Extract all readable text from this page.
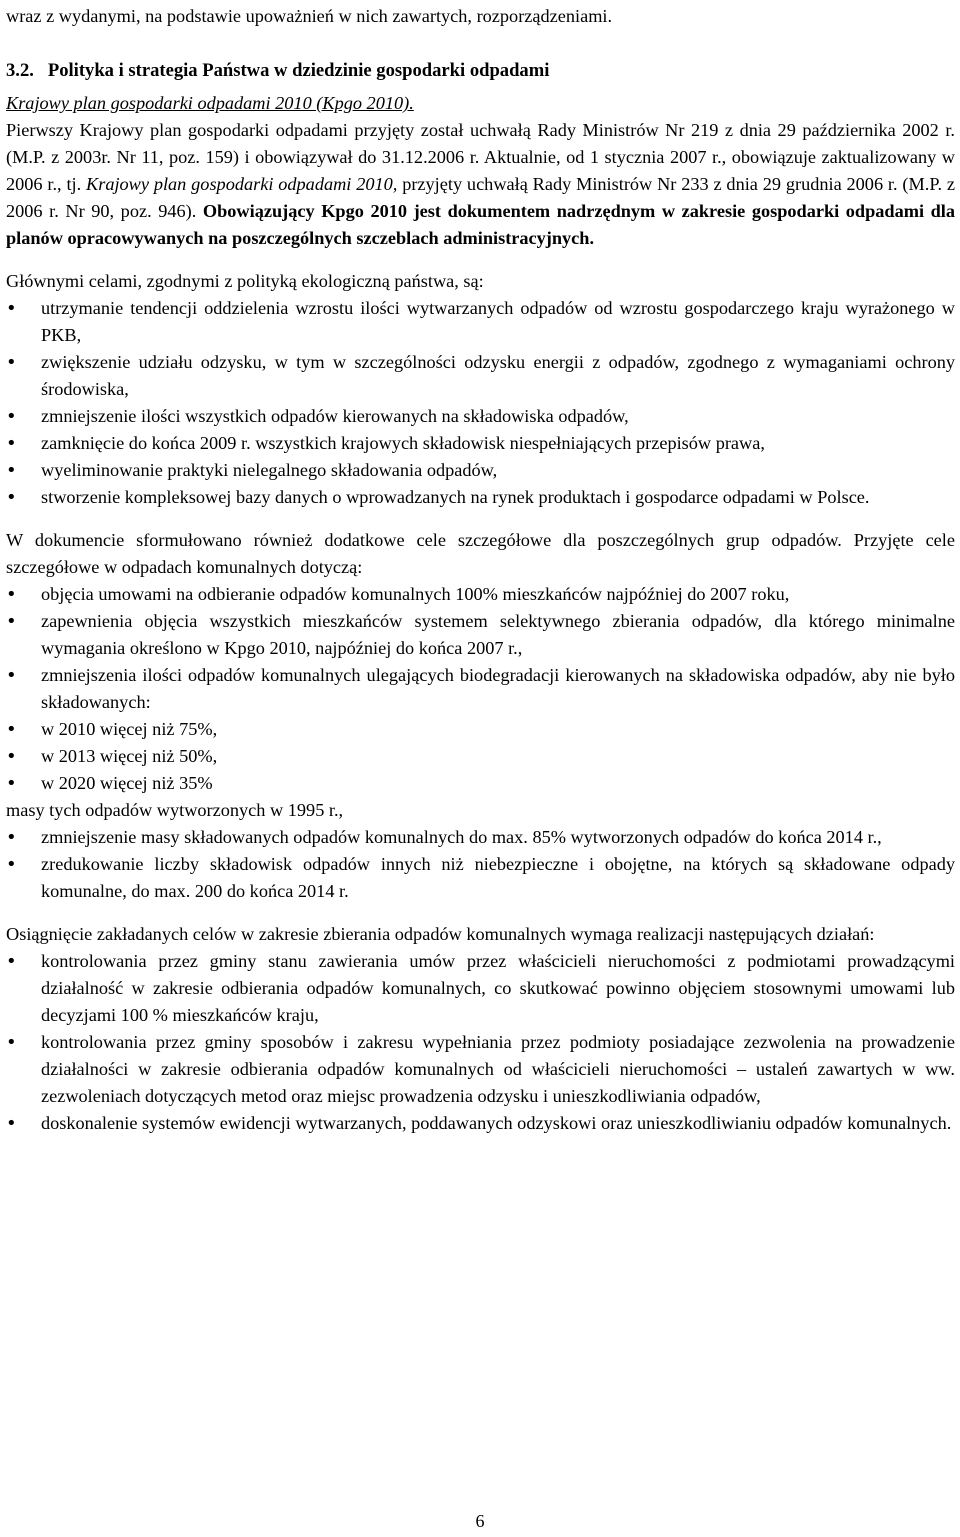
wraz z wydanymi, na podstawie upoważnień w nich zawartych, rozporządzeniami.

3.2. Polityka i strategia Państwa w dziedzinie gospodarki odpadami

Krajowy plan gospodarki odpadami 2010 (Kpgo 2010).

Pierwszy Krajowy plan gospodarki odpadami przyjęty został uchwałą Rady Ministrów Nr 219 z dnia 29 października 2002 r. (M.P. z 2003r. Nr 11, poz. 159) i obowiązywał do 31.12.2006 r. Aktualnie, od 1 stycznia 2007 r., obowiązuje zaktualizowany w 2006 r., tj. Krajowy plan gospodarki odpadami 2010, przyjęty uchwałą Rady Ministrów Nr 233 z dnia 29 grudnia 2006 r. (M.P. z 2006 r. Nr 90, poz. 946). Obowiązujący Kpgo 2010 jest dokumentem nadrzędnym w zakresie gospodarki odpadami dla planów opracowywanych na poszczególnych szczeblach administracyjnych.

Głównymi celami, zgodnymi z polityką ekologiczną państwa, są:

• utrzymanie tendencji oddzielenia wzrostu ilości wytwarzanych odpadów od wzrostu gospodarczego kraju wyrażonego w PKB,
• zwiększenie udziału odzysku, w tym w szczególności odzysku energii z odpadów, zgodnego z wymaganiami ochrony środowiska,
• zmniejszenie ilości wszystkich odpadów kierowanych na składowiska odpadów,
• zamknięcie do końca 2009 r. wszystkich krajowych składowisk niespełniających przepisów prawa,
• wyeliminowanie praktyki nielegalnego składowania odpadów,
• stworzenie kompleksowej bazy danych o wprowadzanych na rynek produktach i gospodarce odpadami w Polsce.

W dokumencie sformułowano również dodatkowe cele szczegółowe dla poszczególnych grup odpadów. Przyjęte cele szczegółowe w odpadach komunalnych dotyczą:

• objęcia umowami na odbieranie odpadów komunalnych 100% mieszkańców najpóźniej do 2007 roku,
• zapewnienia objęcia wszystkich mieszkańców systemem selektywnego zbierania odpadów, dla którego minimalne wymagania określono w Kpgo 2010, najpóźniej do końca 2007 r.,
• zmniejszenia ilości odpadów komunalnych ulegających biodegradacji kierowanych na składowiska odpadów, aby nie było składowanych:
• w 2010 więcej niż 75%,
• w 2013 więcej niż 50%,
• w 2020 więcej niż 35%

masy tych odpadów wytworzonych w 1995 r.,

• zmniejszenie masy składowanych odpadów komunalnych do max. 85% wytworzonych odpadów do końca 2014 r.,
• zredukowanie liczby składowisk odpadów innych niż niebezpieczne i obojętne, na których są składowane odpady komunalne, do max. 200 do końca 2014 r.

Osiągnięcie zakładanych celów w zakresie zbierania odpadów komunalnych wymaga realizacji następujących działań:

• kontrolowania przez gminy stanu zawierania umów przez właścicieli nieruchomości z podmiotami prowadzącymi działalność w zakresie odbierania odpadów komunalnych, co skutkować powinno objęciem stosownymi umowami lub decyzjami 100 % mieszkańców kraju,
• kontrolowania przez gminy sposobów i zakresu wypełniania przez podmioty posiadające zezwolenia na prowadzenie działalności w zakresie odbierania odpadów komunalnych od właścicieli nieruchomości – ustaleń zawartych w ww. zezwoleniach dotyczących metod oraz miejsc prowadzenia odzysku i unieszkodliwiania odpadów,
• doskonalenie systemów ewidencji wytwarzanych, poddawanych odzyskowi oraz unieszkodliwianiu odpadów komunalnych.
6
